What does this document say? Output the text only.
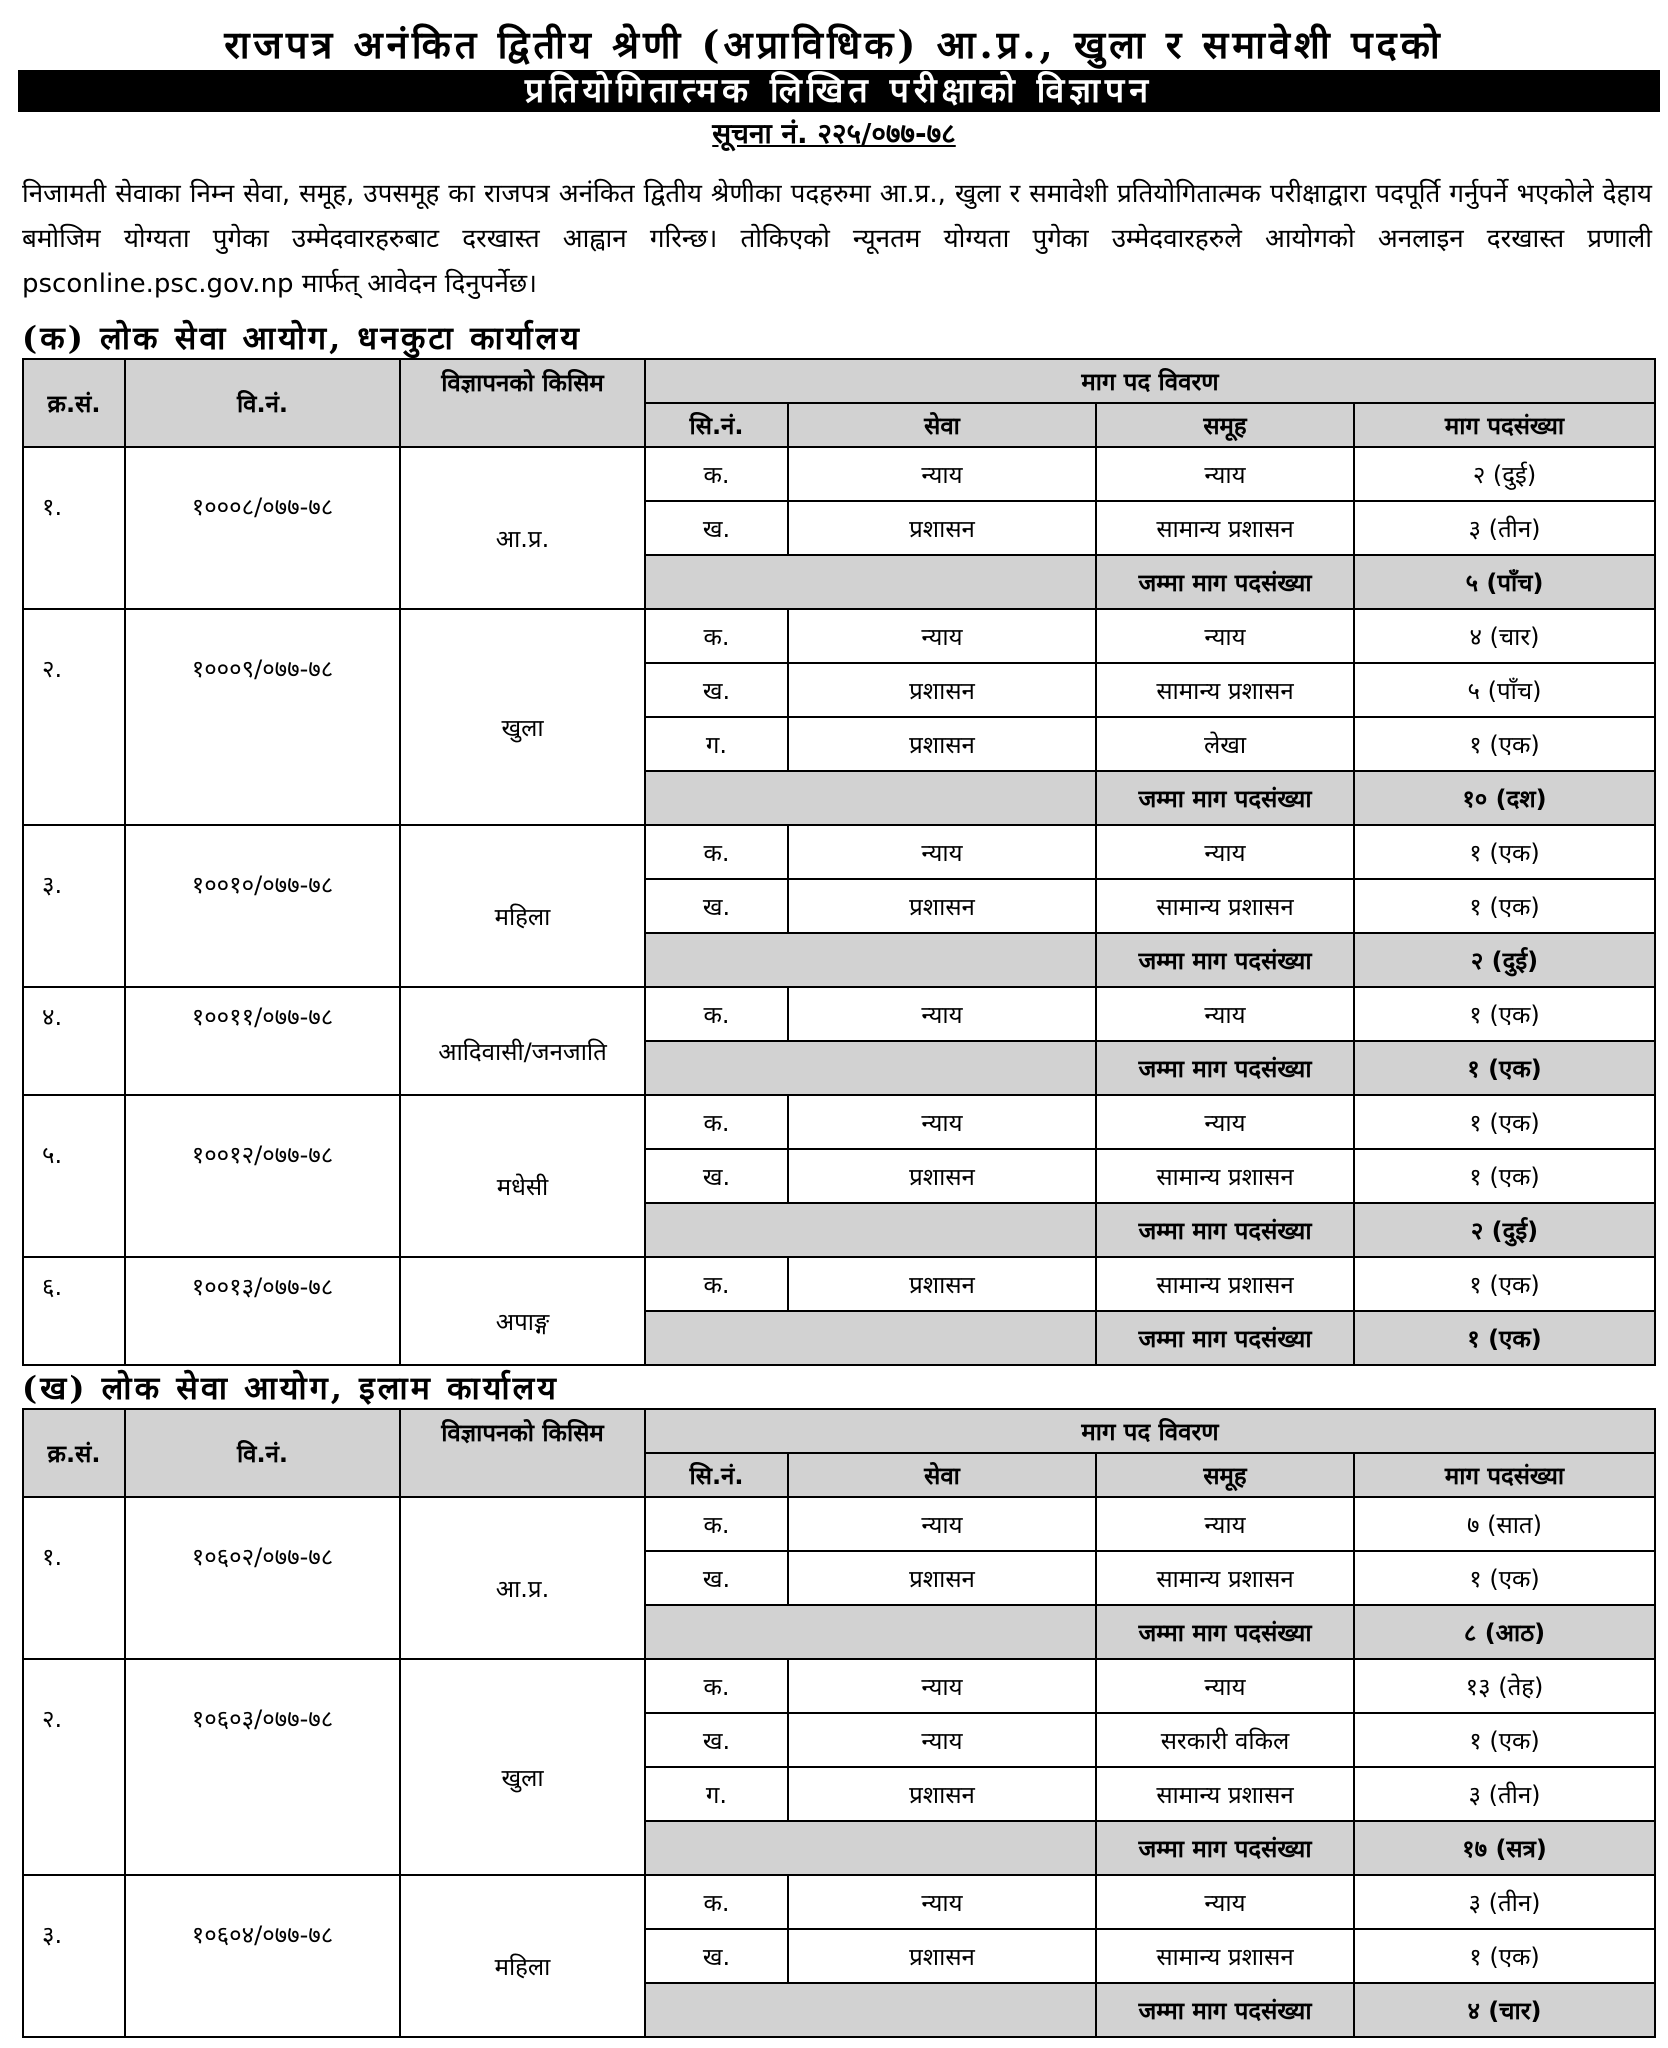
राजपत्र अनंकित द्वितीय श्रेणी (अप्राविधिक) आ.प्र., खुला र समावेशी पदको
प्रतियोगितात्मक लिखित परीक्षाको विज्ञापन
सूचना नं. २२५/०७७-७८
निजामती सेवाका निम्न सेवा, समूह, उपसमूह का राजपत्र अनंकित द्वितीय श्रेणीका पदहरुमा आ.प्र., खुला र समावेशी प्रतियोगितात्मक परीक्षाद्वारा पदपूर्ति गर्नुपर्ने भएकोले देहाय बमोजिम योग्यता पुगेका उम्मेदवारहरुबाट दरखास्त आह्वान गरिन्छ। तोकिएको न्यूनतम योग्यता पुगेका उम्मेदवारहरुले आयोगको अनलाइन दरखास्त प्रणाली psconline.psc.gov.np मार्फत् आवेदन दिनुपर्नेछ।
(क) लोक सेवा आयोग, धनकुटा कार्यालय
क्र.सं.	वि.नं.	विज्ञापनको किसिम	माग पद विवरण			
			सि.नं.	सेवा	समूह	माग पदसंख्या
१.	१०००८/०७७-७८	आ.प्र.	क.	न्याय	न्याय	२ (दुई)
			ख.	प्रशासन	सामान्य प्रशासन	३ (तीन)
					जम्मा माग पदसंख्या	५ (पाँच)
२.	१०००९/०७७-७८	खुला	क.	न्याय	न्याय	४ (चार)
			ख.	प्रशासन	सामान्य प्रशासन	५ (पाँच)
			ग.	प्रशासन	लेखा	१ (एक)
					जम्मा माग पदसंख्या	१० (दश)
३.	१००१०/०७७-७८	महिला	क.	न्याय	न्याय	१ (एक)
			ख.	प्रशासन	सामान्य प्रशासन	१ (एक)
					जम्मा माग पदसंख्या	२ (दुई)
४.	१००११/०७७-७८	आदिवासी/जनजाति	क.	न्याय	न्याय	१ (एक)
					जम्मा माग पदसंख्या	१ (एक)
५.	१००१२/०७७-७८	मधेसी	क.	न्याय	न्याय	१ (एक)
			ख.	प्रशासन	सामान्य प्रशासन	१ (एक)
					जम्मा माग पदसंख्या	२ (दुई)
६.	१००१३/०७७-७८	अपाङ्ग	क.	प्रशासन	सामान्य प्रशासन	१ (एक)
					जम्मा माग पदसंख्या	१ (एक)
(ख) लोक सेवा आयोग, इलाम कार्यालय
क्र.सं.	वि.नं.	विज्ञापनको किसिम	माग पद विवरण			
			सि.नं.	सेवा	समूह	माग पदसंख्या
१.	१०६०२/०७७-७८	आ.प्र.	क.	न्याय	न्याय	७ (सात)
			ख.	प्रशासन	सामान्य प्रशासन	१ (एक)
					जम्मा माग पदसंख्या	८ (आठ)
२.	१०६०३/०७७-७८	खुला	क.	न्याय	न्याय	१३ (तेह)
			ख.	न्याय	सरकारी वकिल	१ (एक)
			ग.	प्रशासन	सामान्य प्रशासन	३ (तीन)
					जम्मा माग पदसंख्या	१७ (सत्र)
३.	१०६०४/०७७-७८	महिला	क.	न्याय	न्याय	३ (तीन)
			ख.	प्रशासन	सामान्य प्रशासन	१ (एक)
					जम्मा माग पदसंख्या	४ (चार)
